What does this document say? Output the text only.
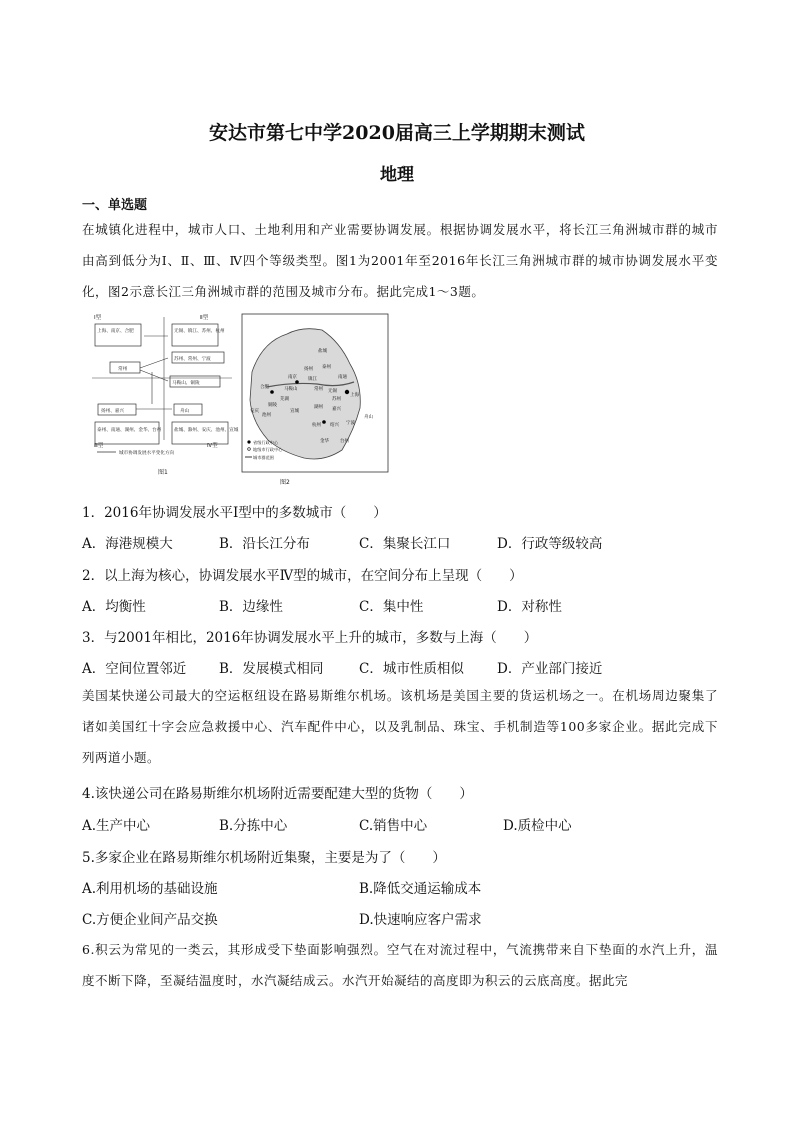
安达市第七中学2020届高三上学期期末测试
地理
一、单选题
在城镇化进程中，城市人口、土地利用和产业需要协调发展。根据协调发展水平，将长江三角洲城市群的城市由高到低分为Ⅰ、Ⅱ、Ⅲ、Ⅳ四个等级类型。图1为2001年至2016年长江三角洲城市群的城市协调发展水平变化，图2示意长江三角洲城市群的范围及城市分布。据此完成1～3题。
Ⅰ型	Ⅱ型
Ⅲ型	Ⅳ型
上海、南京、合肥	无锡、镇江、苏州、杭州
苏州、常州、宁波
常州
马鞍山、铜陵
扬州、嘉兴	舟山
泰州、南通、湖州、金华、台州	盐城、滁州、安庆、池州、宣城
城市协调发展水平变化方向
图1
盐城
扬州 泰州
南通
南京 镇江
常州 无锡
苏州
上海
合肥	马鞍山
芜湖
铜陵
池州
安庆	宣城
湖州 嘉兴
杭州 绍兴 宁波
舟山
金华 台州
省级行政中心
地级市行政中心
城市群范围
图2
1．2016年协调发展水平Ⅰ型中的多数城市（　　）
A．海港规模大	B．沿长江分布	C．集聚长江口	D．行政等级较高
2．以上海为核心，协调发展水平Ⅳ型的城市，在空间分布上呈现（　　）
A．均衡性	B．边缘性	C．集中性	D．对称性
3．与2001年相比，2016年协调发展水平上升的城市，多数与上海（　　）
A．空间位置邻近 B．发展模式相同	C．城市性质相似 D．产业部门接近
美国某快递公司最大的空运枢纽设在路易斯维尔机场。该机场是美国主要的货运机场之一。在机场周边聚集了诸如美国红十字会应急救援中心、汽车配件中心，以及乳制品、珠宝、手机制造等100多家企业。据此完成下列两道小题。
4.该快递公司在路易斯维尔机场附近需要配建大型的货物（　　）
A.生产中心	B.分拣中心	C.销售中心	D.质检中心
5.多家企业在路易斯维尔机场附近集聚，主要是为了（　　）
A.利用机场的基础设施	B.降低交通运输成本
C.方便企业间产品交换	D.快速响应客户需求
6.积云为常见的一类云，其形成受下垫面影响强烈。空气在对流过程中，气流携带来自下垫面的水汽上升，温度不断下降，至凝结温度时，水汽凝结成云。水汽开始凝结的高度即为积云的云底高度。据此完
